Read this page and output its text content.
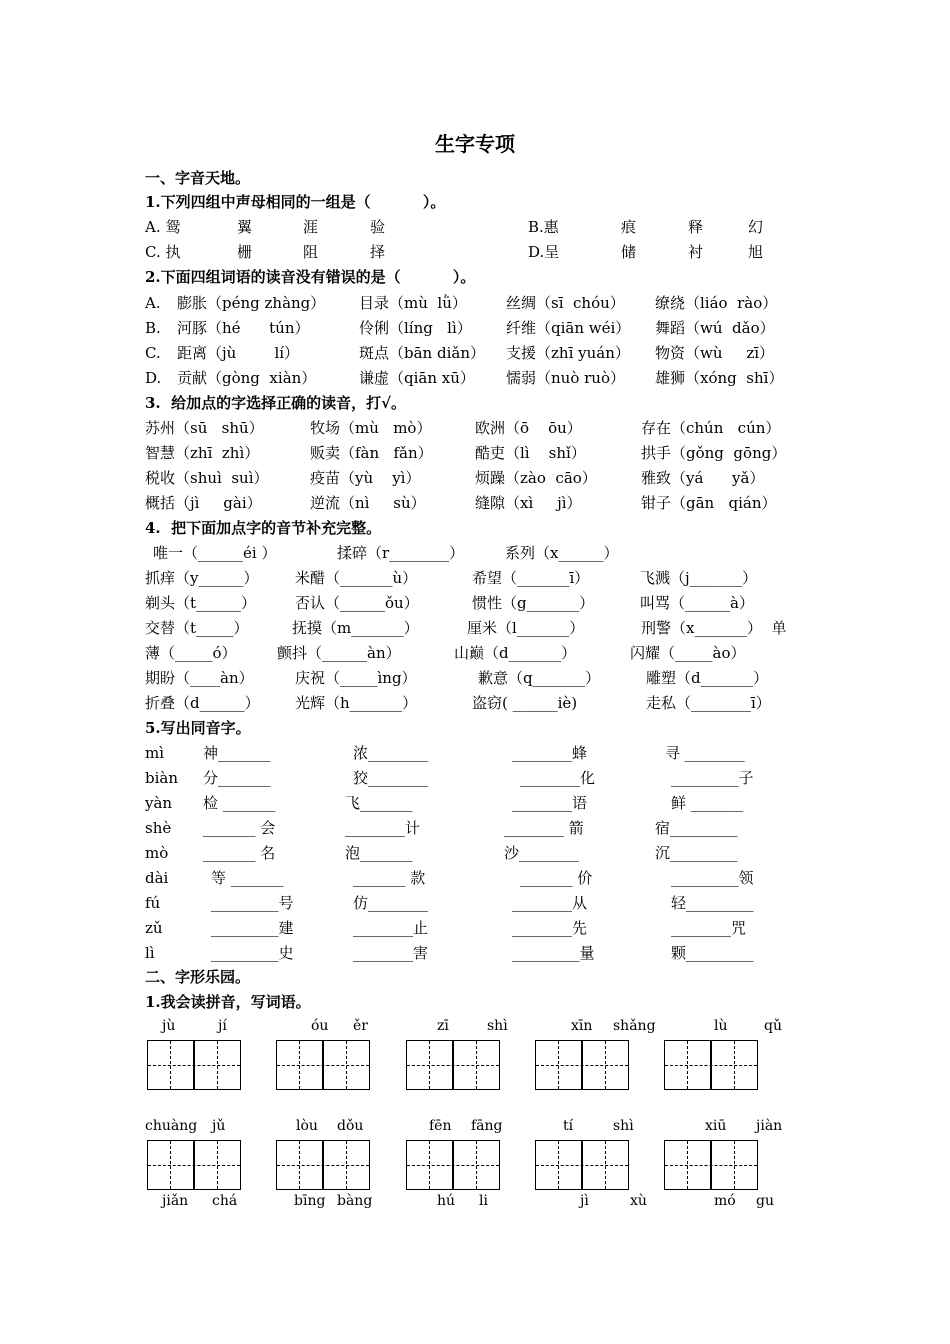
生字专项
一、字音天地。
1.下列四组中声母相同的一组是（          ）。
A. 鸳	翼	涯	验	B.惠	痕	释	幻
C. 执	栅	阻	择	D.呈	储	衬	旭
2.下面四组词语的读音没有错误的是（          ）。
A. 膨胀（péng zhàng） 目录（mù  lǜ）	丝绸（sī  chóu） 缭绕（liáo  rào）
B. 河豚（hé      tún）	伶俐（líng   lì） 纤维（qiān wéi） 舞蹈（wú  dǎo）
C. 距离（jù        lí）	斑点（bān diǎn） 支援（zhī yuán） 物资（wù     zī）
D. 贡献（gòng  xiàn）	谦虚（qiān xū） 懦弱（nuò ruò） 雄狮（xóng  shī）
3.  给加点的字选择正确的读音，打√。
苏州（sū   shū）	牧场（mù   mò）	欧洲（ō    ōu）	存在（chún   cún）
智慧（zhī  zhì）	贩卖（fàn   fǎn）	酷吏（lì    shǐ）	拱手（gǒng  gōng）
税收（shuì  suì）	疫苗（yù    yì）	烦躁（zào  cāo）	雅致（yá      yǎ）
概括（jì     gài）	逆流（nì     sù）	缝隙（xì     jì）	钳子（gān   qián）
4.  把下面加点字的音节补充完整。
唯一（______éi ）	揉碎（r________）	系列（x______）
抓痒（y______） 米醋（_______ù）	希望（_______ī）	飞溅（j_______）
剃头（t______）	否认（______ǒu）	惯性（g_______）	叫骂（______à）
交替（t_____）	抚摸（m_______）	厘米（l_______）	刑警（x_______）  单
薄（_____ó）	颤抖（______àn）	山巅（d_______）	闪耀（_____ào）
期盼（____àn）	庆祝（_____ìng）	歉意（q_______）	雕塑（d_______）
折叠（d______） 光辉（h_______）	盗窃( ______iè)	走私（________ī）
5.写出同音字。
mì	神_______	浓________	________蜂	寻 ________
biàn 分_______	狡________	________化	_________子
yàn 检 _______	飞_______	________语	鲜 _______
shè _______ 会	________计	________ 箭	宿_________
mò _______ 名	泡_______	沙________	沉_________
dài	等 _______	_______ 款	_______ 价	_________领
fú	_________号	仿________	________从	轻_________
zǔ	_________建	________止	________先	________咒
lì	_________史	________害	_________量	颗_________
二、字形乐园。
1.我会读拼音，写词语。
jù	jí	óu ěr	zī	shì	xīn shǎng	lù	qǔ
chuàng jǔ	lòu dǒu	fēn fāng	tí	shì	xiū jiàn
jiǎn chá	bīng bàng	hú li	jì	xù	mó gu
